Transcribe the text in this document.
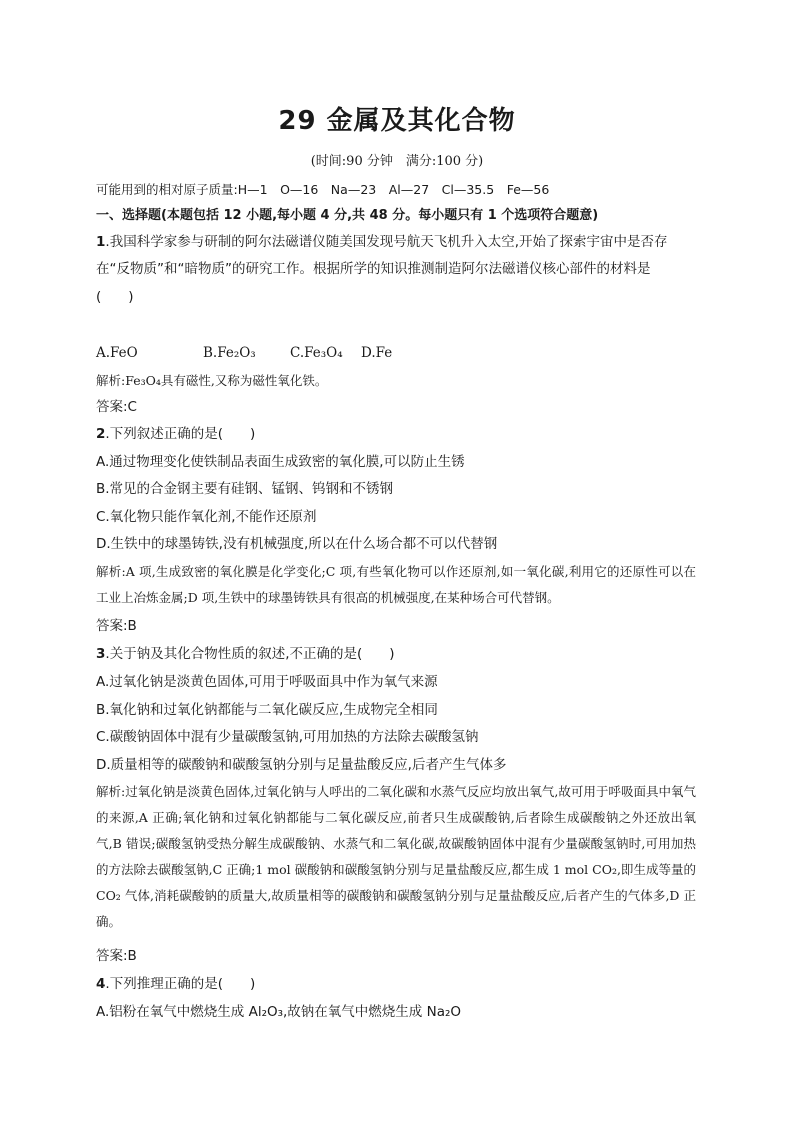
29 金属及其化合物
(时间:90 分钟　满分:100 分)
可能用到的相对原子质量:H—1　O—16　Na—23　Al—27　Cl—35.5　Fe—56
一、选择题(本题包括 12 小题,每小题 4 分,共 48 分。每小题只有 1 个选项符合题意)
1.我国科学家参与研制的阿尔法磁谱仪随美国发现号航天飞机升入太空,开始了探索宇宙中是否存
在“反物质”和“暗物质”的研究工作。根据所学的知识推测制造阿尔法磁谱仪核心部件的材料是
(　　)
A.FeO	B.Fe₂O₃	C.Fe₃O₄ D.Fe
解析:Fe₃O₄具有磁性,又称为磁性氧化铁。
答案:C
2.下列叙述正确的是(　　)
A.通过物理变化使铁制品表面生成致密的氧化膜,可以防止生锈
B.常见的合金钢主要有硅钢、锰钢、钨钢和不锈钢
C.氧化物只能作氧化剂,不能作还原剂
D.生铁中的球墨铸铁,没有机械强度,所以在什么场合都不可以代替钢
解析:A 项,生成致密的氧化膜是化学变化;C 项,有些氧化物可以作还原剂,如一氧化碳,利用它的还原性可以在工业上冶炼金属;D 项,生铁中的球墨铸铁具有很高的机械强度,在某种场合可代替钢。
答案:B
3.关于钠及其化合物性质的叙述,不正确的是(　　)
A.过氧化钠是淡黄色固体,可用于呼吸面具中作为氧气来源
B.氧化钠和过氧化钠都能与二氧化碳反应,生成物完全相同
C.碳酸钠固体中混有少量碳酸氢钠,可用加热的方法除去碳酸氢钠
D.质量相等的碳酸钠和碳酸氢钠分别与足量盐酸反应,后者产生气体多
解析:过氧化钠是淡黄色固体,过氧化钠与人呼出的二氧化碳和水蒸气反应均放出氧气,故可用于呼吸面具中氧气的来源,A 正确;氧化钠和过氧化钠都能与二氧化碳反应,前者只生成碳酸钠,后者除生成碳酸钠之外还放出氧气,B 错误;碳酸氢钠受热分解生成碳酸钠、水蒸气和二氧化碳,故碳酸钠固体中混有少量碳酸氢钠时,可用加热的方法除去碳酸氢钠,C 正确;1 mol 碳酸钠和碳酸氢钠分别与足量盐酸反应,都生成 1 mol CO₂,即生成等量的 CO₂ 气体,消耗碳酸钠的质量大,故质量相等的碳酸钠和碳酸氢钠分别与足量盐酸反应,后者产生的气体多,D 正确。
答案:B
4.下列推理正确的是(　　)
A.铝粉在氧气中燃烧生成 Al₂O₃,故钠在氧气中燃烧生成 Na₂O
